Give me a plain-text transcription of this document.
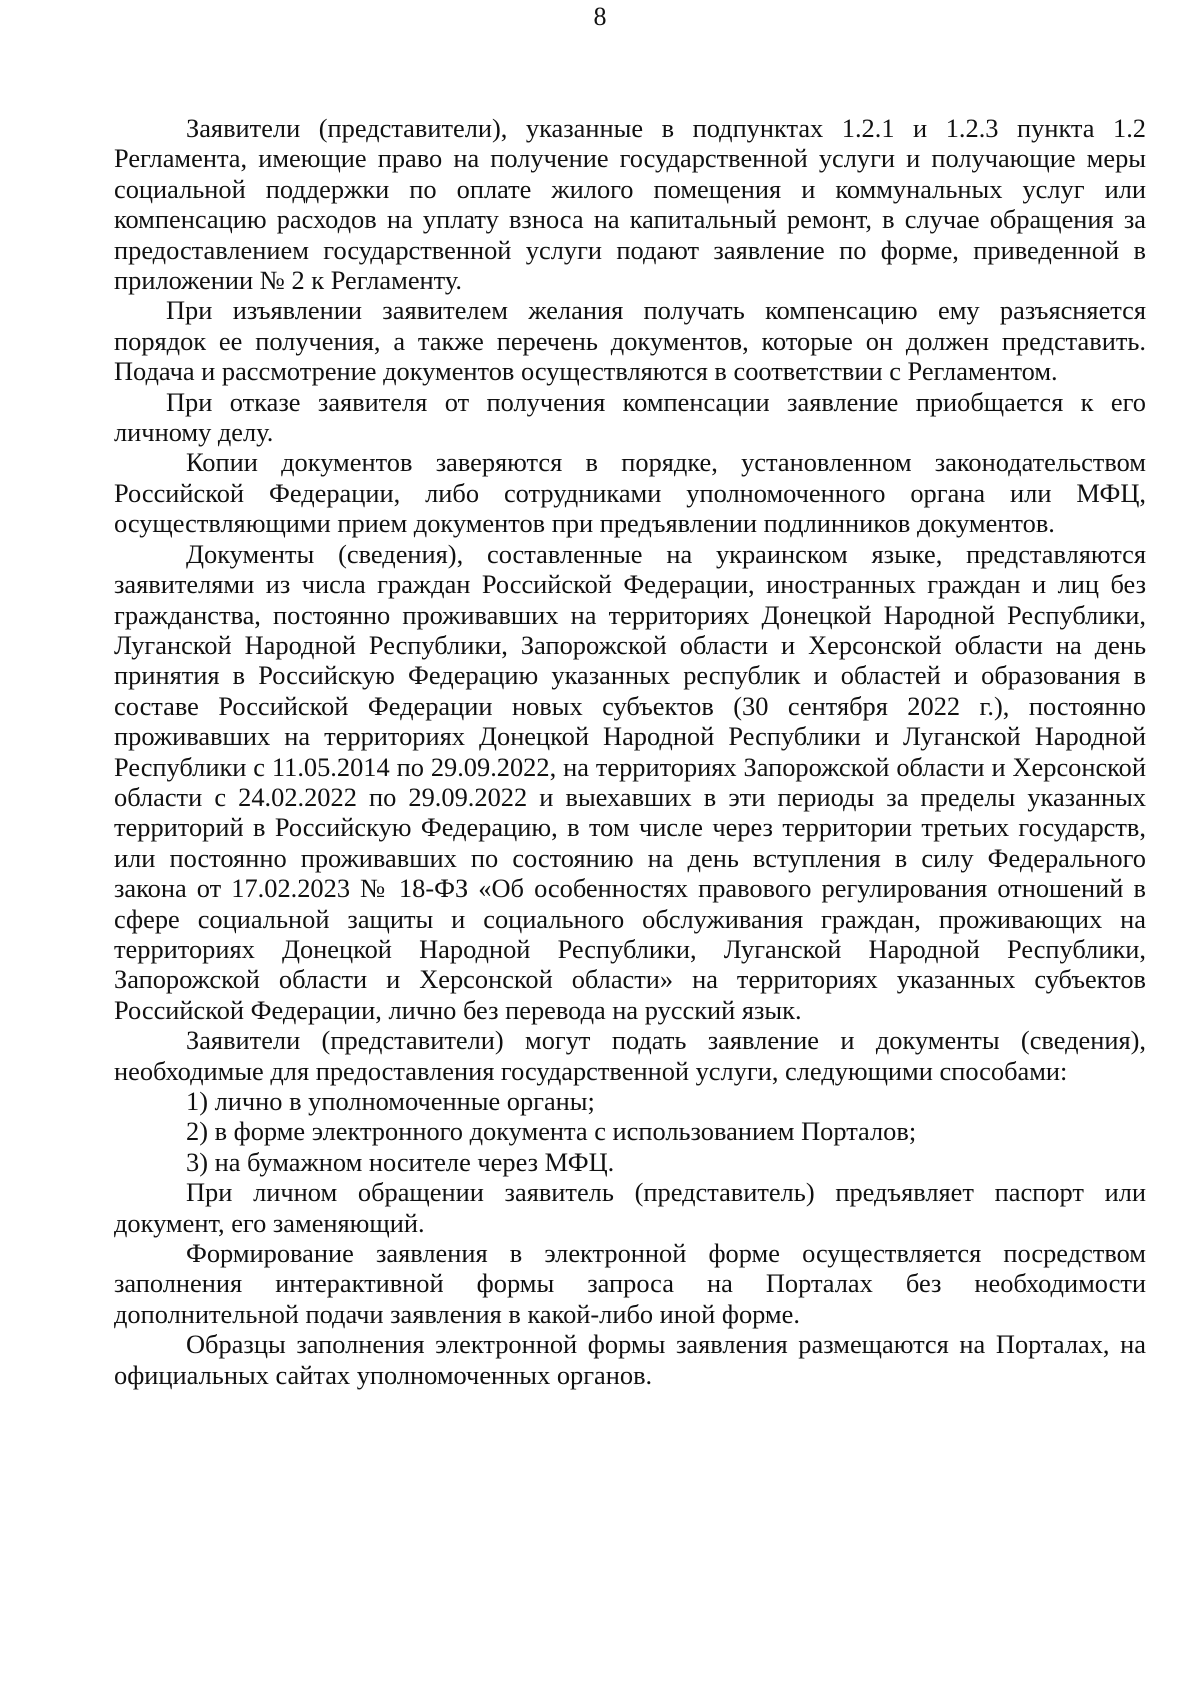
8

Заявители (представители), указанные в подпунктах 1.2.1 и 1.2.3 пункта 1.2 Регламента, имеющие право на получение государственной услуги и получающие меры социальной поддержки по оплате жилого помещения и коммунальных услуг или компенсацию расходов на уплату взноса на капитальный ремонт, в случае обращения за предоставлением государственной услуги подают заявление по форме, приведенной в приложении № 2 к Регламенту.

При изъявлении заявителем желания получать компенсацию ему разъясняется порядок ее получения, а также перечень документов, которые он должен представить. Подача и рассмотрение документов осуществляются в соответствии с Регламентом.

При отказе заявителя от получения компенсации заявление приобщается к его личному делу.

Копии документов заверяются в порядке, установленном законодательством Российской Федерации, либо сотрудниками уполномоченного органа или МФЦ, осуществляющими прием документов при предъявлении подлинников документов.

Документы (сведения), составленные на украинском языке, представляются заявителями из числа граждан Российской Федерации, иностранных граждан и лиц без гражданства, постоянно проживавших на территориях Донецкой Народной Республики, Луганской Народной Республики, Запорожской области и Херсонской области на день принятия в Российскую Федерацию указанных республик и областей и образования в составе Российской Федерации новых субъектов (30 сентября 2022 г.), постоянно проживавших на территориях Донецкой Народной Республики и Луганской Народной Республики с 11.05.2014 по 29.09.2022, на территориях Запорожской области и Херсонской области с 24.02.2022 по 29.09.2022 и выехавших в эти периоды за пределы указанных территорий в Российскую Федерацию, в том числе через территории третьих государств, или постоянно проживавших по состоянию на день вступления в силу Федерального закона от 17.02.2023 № 18-ФЗ «Об особенностях правового регулирования отношений в сфере социальной защиты и социального обслуживания граждан, проживающих на территориях Донецкой Народной Республики, Луганской Народной Республики, Запорожской области и Херсонской области» на территориях указанных субъектов Российской Федерации, лично без перевода на русский язык.

Заявители (представители) могут подать заявление и документы (сведения), необходимые для предоставления государственной услуги, следующими способами:

1) лично в уполномоченные органы;

2) в форме электронного документа с использованием Порталов;

3) на бумажном носителе через МФЦ.

При личном обращении заявитель (представитель) предъявляет паспорт или документ, его заменяющий.

Формирование заявления в электронной форме осуществляется посредством заполнения интерактивной формы запроса на Порталах без необходимости дополнительной подачи заявления в какой-либо иной форме.

Образцы заполнения электронной формы заявления размещаются на Порталах, на официальных сайтах уполномоченных органов.
